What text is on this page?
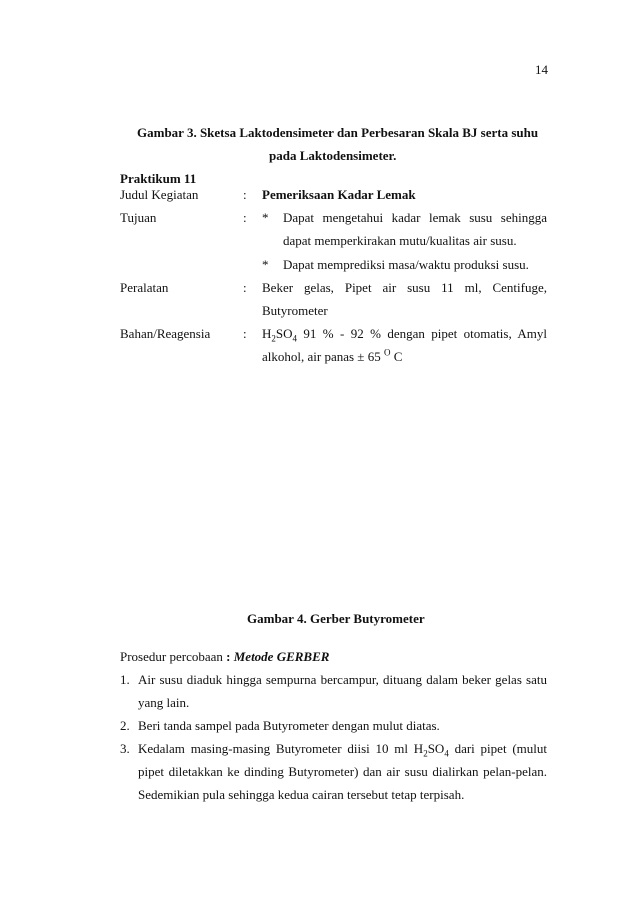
14
Gambar 3. Sketsa Laktodensimeter dan Perbesaran Skala BJ serta suhu
pada Laktodensimeter.
Praktikum 11
Judul Kegiatan	: Pemeriksaan Kadar Lemak
Tujuan	: * Dapat mengetahui kadar lemak susu sehingga
dapat memperkirakan mutu/kualitas air susu.
* Dapat memprediksi masa/waktu produksi susu.
Peralatan	: Beker gelas, Pipet air susu 11 ml, Centifuge,
Butyrometer
Bahan/Reagensia	: $H_2SO_4$ 91 % - 92 % dengan pipet otomatis, Amyl
alkohol, air panas ± 65 $^O$ C
Gambar 4. Gerber Butyrometer
Prosedur percobaan : Metode GERBER
1. Air susu diaduk hingga sempurna bercampur, dituang dalam beker gelas satu
yang lain.
2. Beri tanda sampel pada Butyrometer dengan mulut diatas.
3. Kedalam masing-masing Butyrometer diisi 10 ml $H_2SO_4$ dari pipet (mulut
pipet diletakkan ke dinding Butyrometer) dan air susu dialirkan pelan-pelan.
Sedemikian pula sehingga kedua cairan tersebut tetap terpisah.
